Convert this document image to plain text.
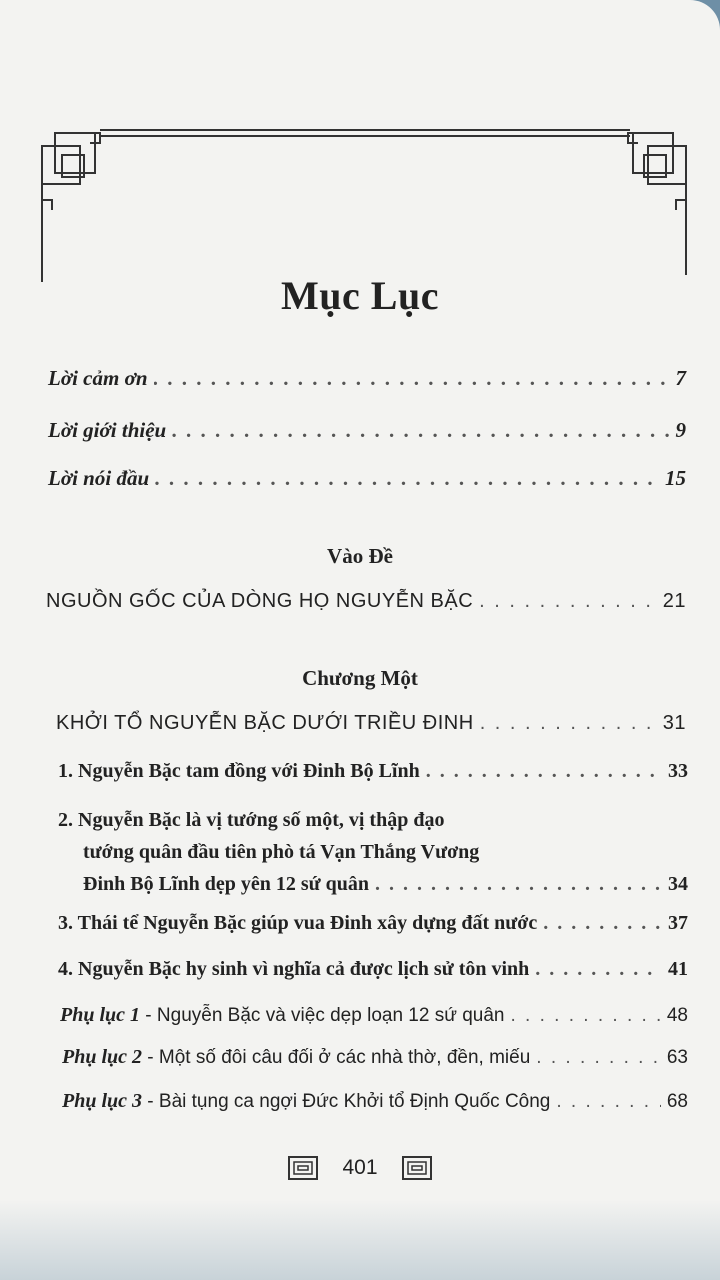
Mục Lục
Lời cảm ơn . . .	7
Lời giới thiệu . . .	9
Lời nói đầu . . .	15
Vào Đề
NGUỒN GỐC CỦA DÒNG HỌ NGUYỄN BẶC . . .	21
Chương Một
KHỞI TỔ NGUYỄN BẶC DƯỚI TRIỀU ĐINH . . .	31
1. Nguyễn Bặc tam đồng với Đinh Bộ Lĩnh . . .	33
2. Nguyễn Bặc là vị tướng số một, vị thập đạo
tướng quân đầu tiên phò tá Vạn Thắng Vương
Đinh Bộ Lĩnh dẹp yên 12 sứ quân . . .	34
3. Thái tể Nguyễn Bặc giúp vua Đinh xây dựng đất nước . . .	37
4. Nguyễn Bặc hy sinh vì nghĩa cả được lịch sử tôn vinh . . .	41
Phụ lục 1 - Nguyễn Bặc và việc dẹp loạn 12 sứ quân . . .	48
Phụ lục 2 - Một số đôi câu đối ở các nhà thờ, đền, miếu . . .	63
Phụ lục 3 - Bài tụng ca ngợi Đức Khởi tổ Định Quốc Công . . .	68
401
